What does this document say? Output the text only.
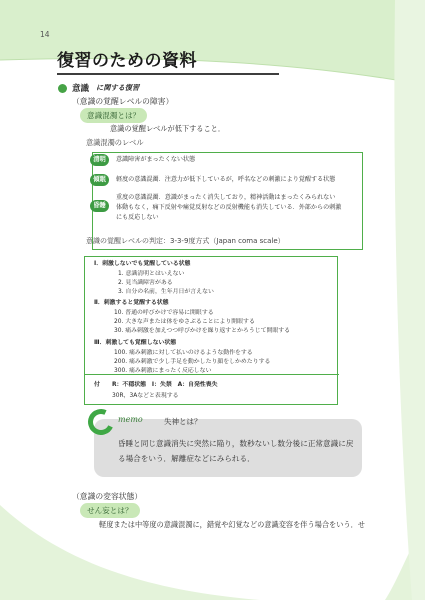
14
復習のための資料
意識 に関する復習
（意識の覚醒レベルの障害）
意識混濁とは？
意識の覚醒レベルが低下すること．
意識混濁のレベル
清明	意識障害がまったくない状態
傾眠	軽度の意識混濁．注意力が低下しているが，呼名などの刺激により覚醒する状態
昏睡
重度の意識混濁．意識がまったく消失しており，精神活動はまったくみられない
体動もなく，痛下反射や痛覚反射などの反射機能も消失している．外部からの刺激
にも反応しない
意識の覚醒レベルの判定：3‐3‐9度方式（Japan coma scale）
Ⅰ．刺激しないでも覚醒している状態
1. 意識清明とはいえない
2. 見当識障害がある
3. 自分の名前，生年月日が言えない
Ⅱ．刺激すると覚醒する状態
10. 普通の呼びかけで容易に開眼する
20. 大きな声または体をゆさぶることにより開眼する
30. 痛み刺激を加えつつ呼びかけを繰り返すとかろうじて開眼する
Ⅲ．刺激しても覚醒しない状態
100. 痛み刺激に対して払いのけるような動作をする
200. 痛み刺激で少し手足を動かしたり顔をしかめたりする
300. 痛み刺激にまったく反応しない
付 R：不穏状態　Ⅰ：失禁　A：自発性喪失
30R，3Aなどと表現する
memo	失神とは？
昏睡と同じ意識消失に突然に陥り，数秒ないし数分後に正常意識に戻る場合をいう．解離症などにみられる．
（意識の変容状態）
せん妄とは？
軽度または中等度の意識混濁に，錯覚や幻覚などの意識変容を伴う場合をいう．せ
